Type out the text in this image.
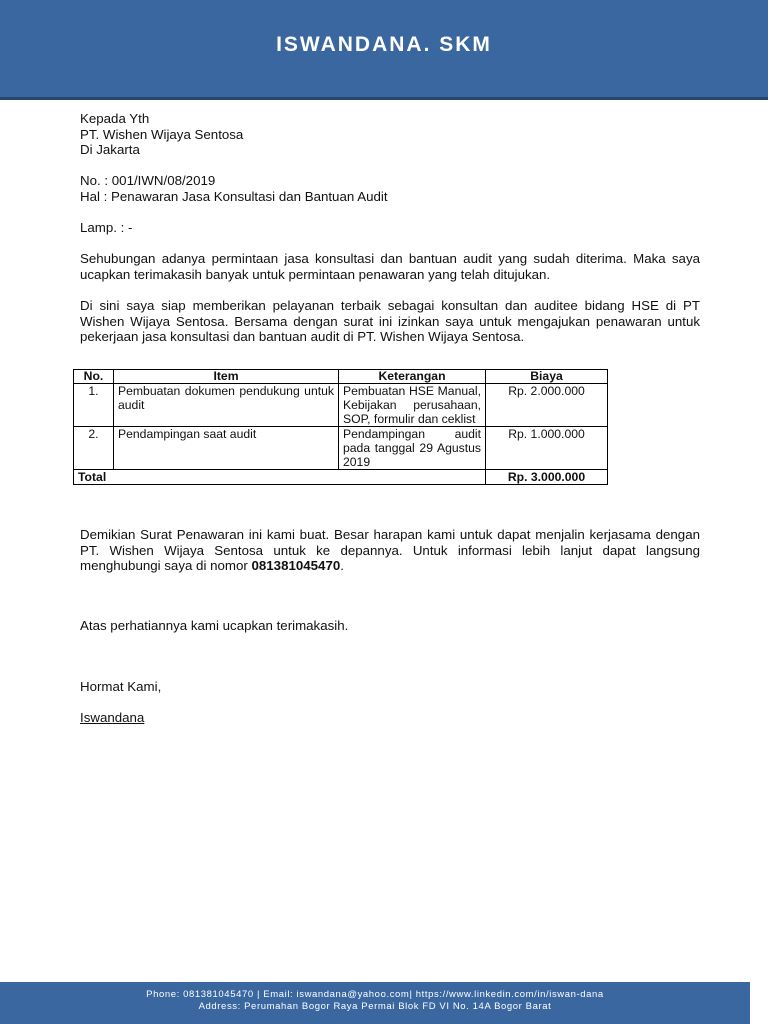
ISWANDANA. SKM

Kepada Yth

PT. Wishen Wijaya Sentosa

Di Jakarta

No. : 001/IWN/08/2019

Hal : Penawaran Jasa Konsultasi dan Bantuan Audit

Lamp. : -

Sehubungan adanya permintaan jasa konsultasi dan bantuan audit yang sudah diterima. Maka saya ucapkan terimakasih banyak untuk permintaan penawaran yang telah ditujukan.

Di sini saya siap memberikan pelayanan terbaik sebagai konsultan dan auditee bidang HSE di PT Wishen Wijaya Sentosa. Bersama dengan surat ini izinkan saya untuk mengajukan penawaran untuk pekerjaan jasa konsultasi dan bantuan audit di PT. Wishen Wijaya Sentosa.

No.	Item	Keterangan	Biaya
1.	Pembuatan dokumen pendukung untuk audit	Pembuatan HSE Manual, Kebijakan perusahaan, SOP, formulir dan ceklist	Rp. 2.000.000
2.	Pendampingan saat audit	Pendampingan audit pada tanggal 29 Agustus 2019	Rp. 1.000.000
Total			Rp. 3.000.000

Demikian Surat Penawaran ini kami buat. Besar harapan kami untuk dapat menjalin kerjasama dengan PT. Wishen Wijaya Sentosa untuk ke depannya. Untuk informasi lebih lanjut dapat langsung menghubungi saya di nomor 081381045470.

Atas perhatiannya kami ucapkan terimakasih.
Hormat Kami,
Iswandana
Phone: 081381045470 | Email: iswandana@yahoo.com| https://www.linkedin.com/in/iswan-dana
Address: Perumahan Bogor Raya Permai Blok FD VI No. 14A Bogor Barat
